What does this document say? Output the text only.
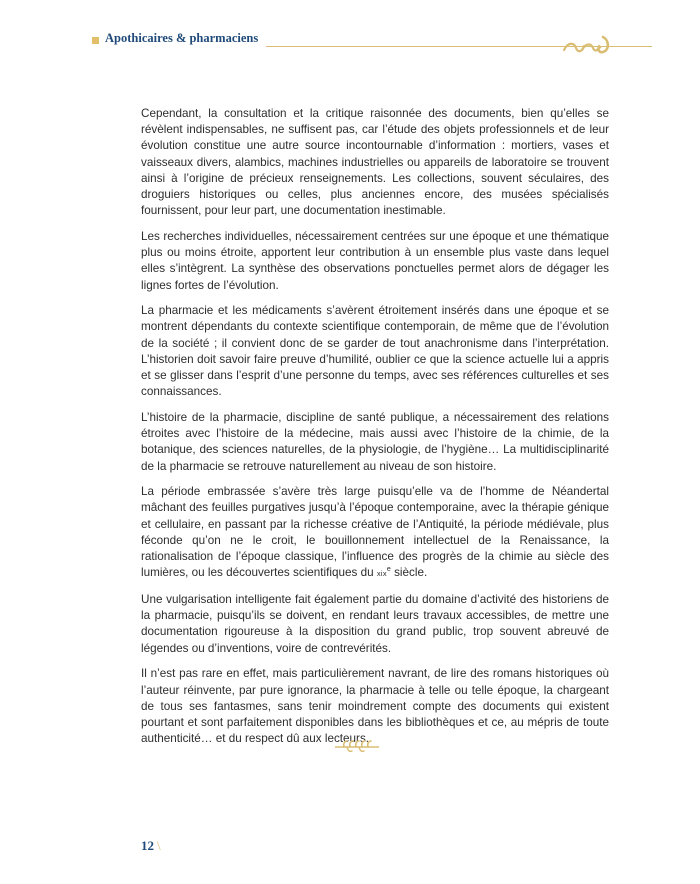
Apothicaires & pharmaciens

Cependant, la consultation et la critique raisonnée des documents, bien qu’elles se révèlent indispensables, ne suffisent pas, car l’étude des objets professionnels et de leur évolution constitue une autre source incontournable d’information : mortiers, vases et vaisseaux divers, alambics, machines industrielles ou appareils de laboratoire se trouvent ainsi à l’origine de précieux renseignements. Les collections, souvent séculaires, des droguiers historiques ou celles, plus anciennes encore, des musées spécialisés fournissent, pour leur part, une documentation inestimable.

Les recherches individuelles, nécessairement centrées sur une époque et une thématique plus ou moins étroite, apportent leur contribution à un ensemble plus vaste dans lequel elles s’intègrent. La synthèse des observations ponctuelles permet alors de dégager les lignes fortes de l’évolution.

La pharmacie et les médicaments s’avèrent étroitement insérés dans une époque et se montrent dépendants du contexte scientifique contemporain, de même que de l’évolution de la société ; il convient donc de se garder de tout anachronisme dans l’interprétation. L’historien doit savoir faire preuve d’humilité, oublier ce que la science actuelle lui a appris et se glisser dans l’esprit d’une personne du temps, avec ses références culturelles et ses connaissances.

L’histoire de la pharmacie, discipline de santé publique, a nécessairement des relations étroites avec l’histoire de la médecine, mais aussi avec l’histoire de la chimie, de la botanique, des sciences naturelles, de la physiologie, de l’hygiène… La multidisciplinarité de la pharmacie se retrouve naturellement au niveau de son histoire.

La période embrassée s’avère très large puisqu’elle va de l’homme de Néandertal mâchant des feuilles purgatives jusqu’à l’époque contemporaine, avec la thérapie génique et cellulaire, en passant par la richesse créative de l’Antiquité, la période médiévale, plus féconde qu’on ne le croit, le bouillonnement intellectuel de la Renaissance, la rationalisation de l’époque classique, l’influence des progrès de la chimie au siècle des lumières, ou les découvertes scientifiques du xix$^e$ siècle.

Une vulgarisation intelligente fait également partie du domaine d’activité des historiens de la pharmacie, puisqu’ils se doivent, en rendant leurs travaux accessibles, de mettre une documentation rigoureuse à la disposition du grand public, trop souvent abreuvé de légendes ou d’inventions, voire de contrevérités.

Il n’est pas rare en effet, mais particulièrement navrant, de lire des romans historiques où l’auteur réinvente, par pure ignorance, la pharmacie à telle ou telle époque, la chargeant de tous ses fantasmes, sans tenir moindrement compte des documents qui existent pourtant et sont parfaitement disponibles dans les bibliothèques et ce, au mépris de toute authenticité… et du respect dû aux lecteurs.

12 \
